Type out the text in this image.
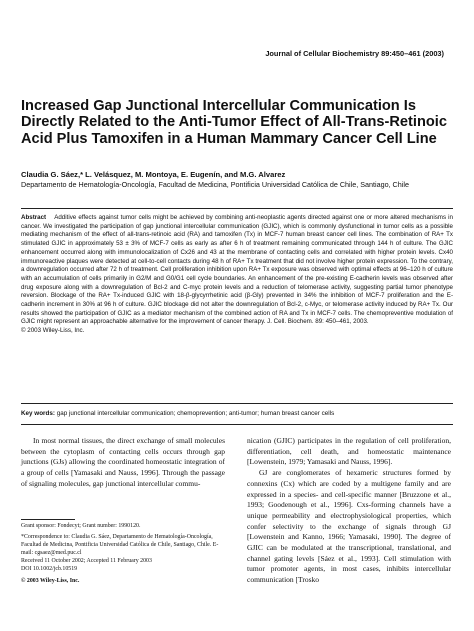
Journal of Cellular Biochemistry 89:450–461 (2003)
Increased Gap Junctional Intercellular Communication Is Directly Related to the Anti-Tumor Effect of All-Trans-Retinoic Acid Plus Tamoxifen in a Human Mammary Cancer Cell Line
Claudia G. Sáez,* L. Velásquez, M. Montoya, E. Eugenín, and M.G. Alvarez
Departamento de Hematología-Oncología, Facultad de Medicina, Pontificia Universidad Católica de Chile, Santiago, Chile
Abstract Additive effects against tumor cells might be achieved by combining anti-neoplastic agents directed against one or more altered mechanisms in cancer. We investigated the participation of gap junctional intercellular communication (GJIC), which is commonly dysfunctional in tumor cells as a possible mediating mechanism of the effect of all-trans-retinoic acid (RA) and tamoxifen (Tx) in MCF-7 human breast cancer cell lines. The combination of RA+ Tx stimulated GJIC in approximately 53 ± 3% of MCF-7 cells as early as after 6 h of treatment remaining communicated through 144 h of culture. The GJIC enhancement occurred along with immunolocalization of Cx26 and 43 at the membrane of contacting cells and correlated with higher protein levels. Cx40 immunoreactive plaques were detected at cell-to-cell contacts during 48 h of RA+ Tx treatment that did not involve higher protein expression. To the contrary, a downregulation occurred after 72 h of treatment. Cell proliferation inhibition upon RA+ Tx exposure was observed with optimal effects at 96–120 h of culture with an accumulation of cells primarily in G2/M and G0/G1 cell cycle boundaries. An enhancement of the pre-existing E-cadherin levels was observed after drug exposure along with a downregulation of Bcl-2 and C-myc protein levels and a reduction of telomerase activity, suggesting partial tumor phenotype reversion. Blockage of the RA+ Tx-induced GJIC with 18-β-glycyrrhetinic acid (β-Gly) prevented in 34% the inhibition of MCF-7 proliferation and the E-cadherin increment in 30% at 96 h of culture. GJIC blockage did not alter the downregulation of Bcl-2, c-Myc, or telomerase activity induced by RA+ Tx. Our results showed the participation of GJIC as a mediator mechanism of the combined action of RA and Tx in MCF-7 cells. The chemopreventive modulation of GJIC might represent an approachable alternative for the improvement of cancer therapy. J. Cell. Biochem. 89: 450–461, 2003.
© 2003 Wiley-Liss, Inc.
Key words: gap junctional intercellular communication; chemoprevention; anti-tumor; human breast cancer cells

In most normal tissues, the direct exchange of small molecules between the cytoplasm of contacting cells occurs through gap junctions (GJs) allowing the coordinated homeostatic integration of a group of cells [Yamasaki and Nauss, 1996]. Through the passage of signaling molecules, gap junctional intercellular commu-

nication (GJIC) participates in the regulation of cell proliferation, differentiation, cell death, and homeostatic maintenance [Lowenstein, 1979; Yamasaki and Nauss, 1996].

GJ are conglomerates of hexameric structures formed by connexins (Cx) which are coded by a multigene family and are expressed in a species- and cell-specific manner [Bruzzone et al., 1993; Goodenough et al., 1996]. Cxs-forming channels have a unique permeability and electrophysiological properties, which confer selectivity to the exchange of signals through GJ [Lowenstein and Kanno, 1966; Yamasaki, 1990]. The degree of GJIC can be modulated at the transcriptional, translational, and channel gating levels [Sáez et al., 1993]. Cell stimulation with tumor promoter agents, in most cases, inhibits intercellular communication [Trosko

Grant sponsor: Fondecyt; Grant number: 1990120.
*Correspondence to: Claudia G. Sáez, Departamento de Hematología-Oncología, Facultad de Medicina, Pontificia Universidad Católica de Chile, Santiago, Chile. E-mail: cgsaez@med.puc.cl
Received 11 October 2002; Accepted 11 February 2003
DOI 10.1002/jcb.10519
© 2003 Wiley-Liss, Inc.
